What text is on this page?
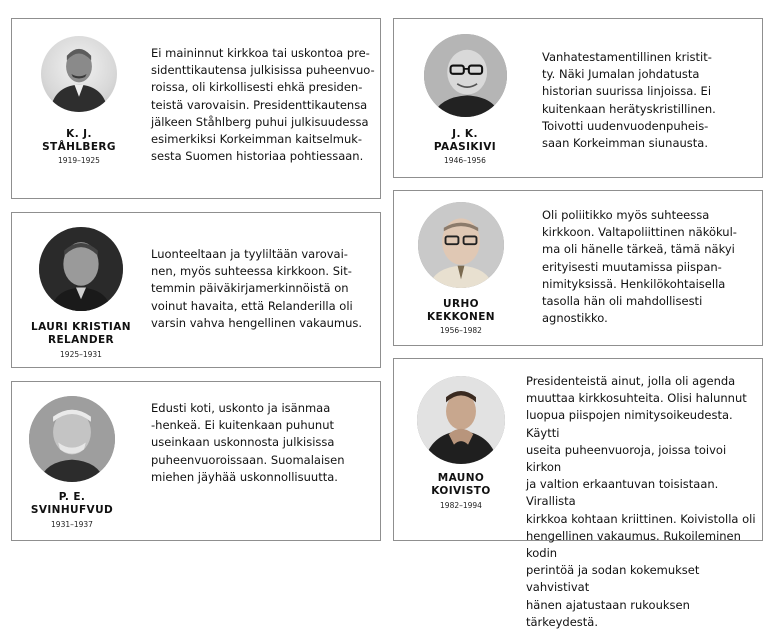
K. J.
STÅHLBERG
1919–1925
Ei maininnut kirkkoa tai uskontoa pre-
sidenttikautensa julkisissa puheenvuo-
roissa, oli kirkollisesti ehkä presiden-
teistä varovaisin. Presidenttikautensa
jälkeen Ståhlberg puhui julkisuudessa
esimerkiksi Korkeimman kaitselmuk-
sesta Suomen historiaa pohtiessaan.
J. K.
PAASIKIVI
1946–1956
Vanhatestamentillinen kristit-
ty. Näki Jumalan johdatusta
historian suurissa linjoissa. Ei
kuitenkaan herätyskristillinen.
Toivotti uudenvuodenpuheis-
saan Korkeimman siunausta.
LAURI KRISTIAN
RELANDER
1925–1931
Luonteeltaan ja tyyliltään varovai-
nen, myös suhteessa kirkkoon. Sit-
temmin päiväkirjamerkinnöistä on
voinut havaita, että Relanderilla oli
varsin vahva hengellinen vakaumus.
URHO
KEKKONEN
1956–1982
Oli poliitikko myös suhteessa
kirkkoon. Valtapoliittinen näkökul-
ma oli hänelle tärkeä, tämä näkyi
erityisesti muutamissa piispan-
nimityksissä. Henkilökohtaisella
tasolla hän oli mahdollisesti
agnostikko.
P. E.
SVINHUFVUD
1931–1937
Edusti koti, uskonto ja isänmaa
-henkeä. Ei kuitenkaan puhunut
useinkaan uskonnosta julkisissa
puheenvuoroissaan. Suomalaisen
miehen jäyhää uskonnollisuutta.	MAUNO
KOIVISTO
1982–1994
Presidenteistä ainut, jolla oli agenda
muuttaa kirkkosuhteita. Olisi halunnut
luopua piispojen nimitysoikeudesta. Käytti
useita puheenvuoroja, joissa toivoi kirkon
ja valtion erkaantuvan toisistaan. Virallista
kirkkoa kohtaan kriittinen. Koivistolla oli
hengellinen vakaumus. Rukoileminen kodin
perintöä ja sodan kokemukset vahvistivat
hänen ajatustaan rukouksen tärkeydestä.
